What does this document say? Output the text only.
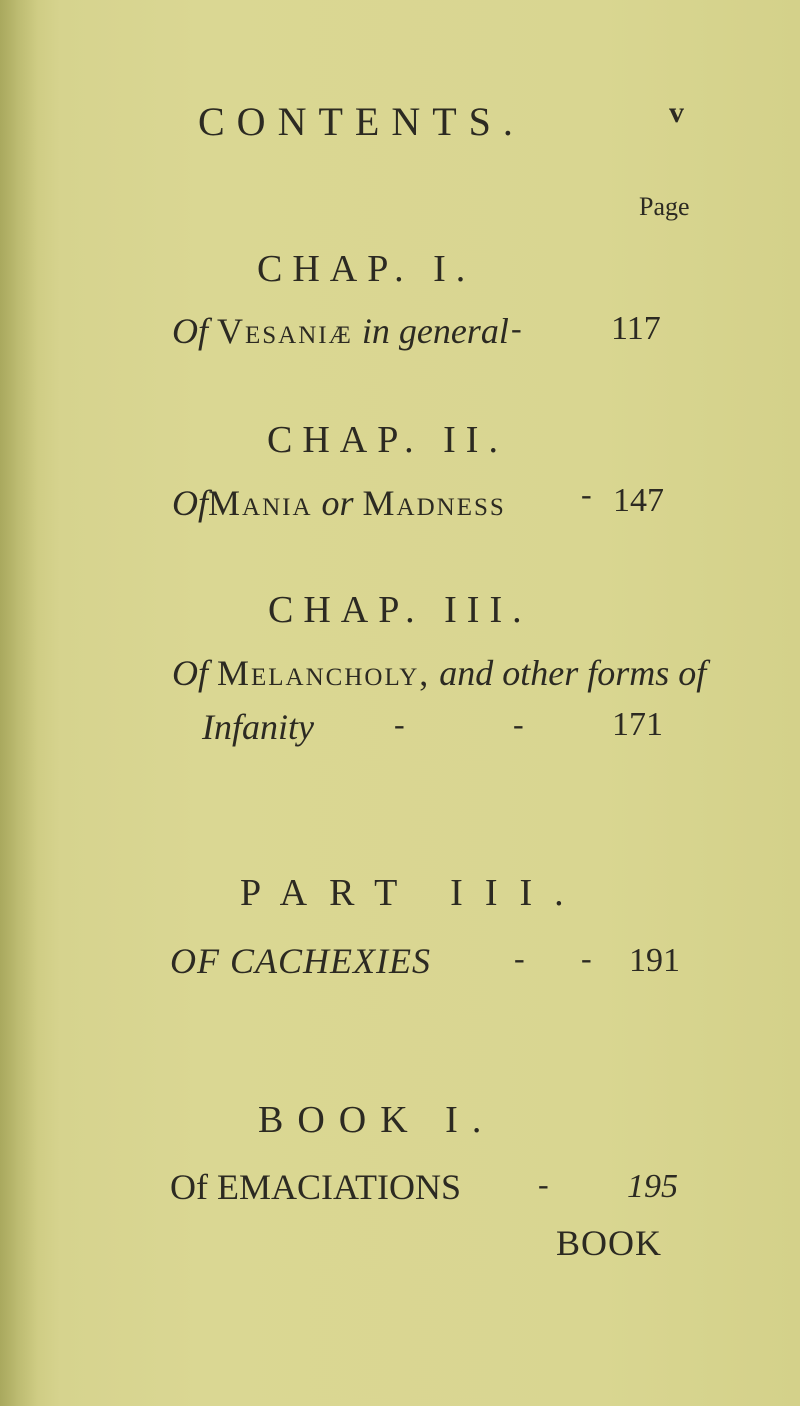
CONTENTS.	v
Page
CHAP. I.
Of Vesaniæ in general -	117
CHAP. II.
OfMania or Madness - 147
CHAP. III.
Of Melancholy, and other forms of
Infanity	-	-	171
PART III.
OF CACHEXIES	- - 191
BOOK I.
Of EMACIATIONS - 195
BOOK
